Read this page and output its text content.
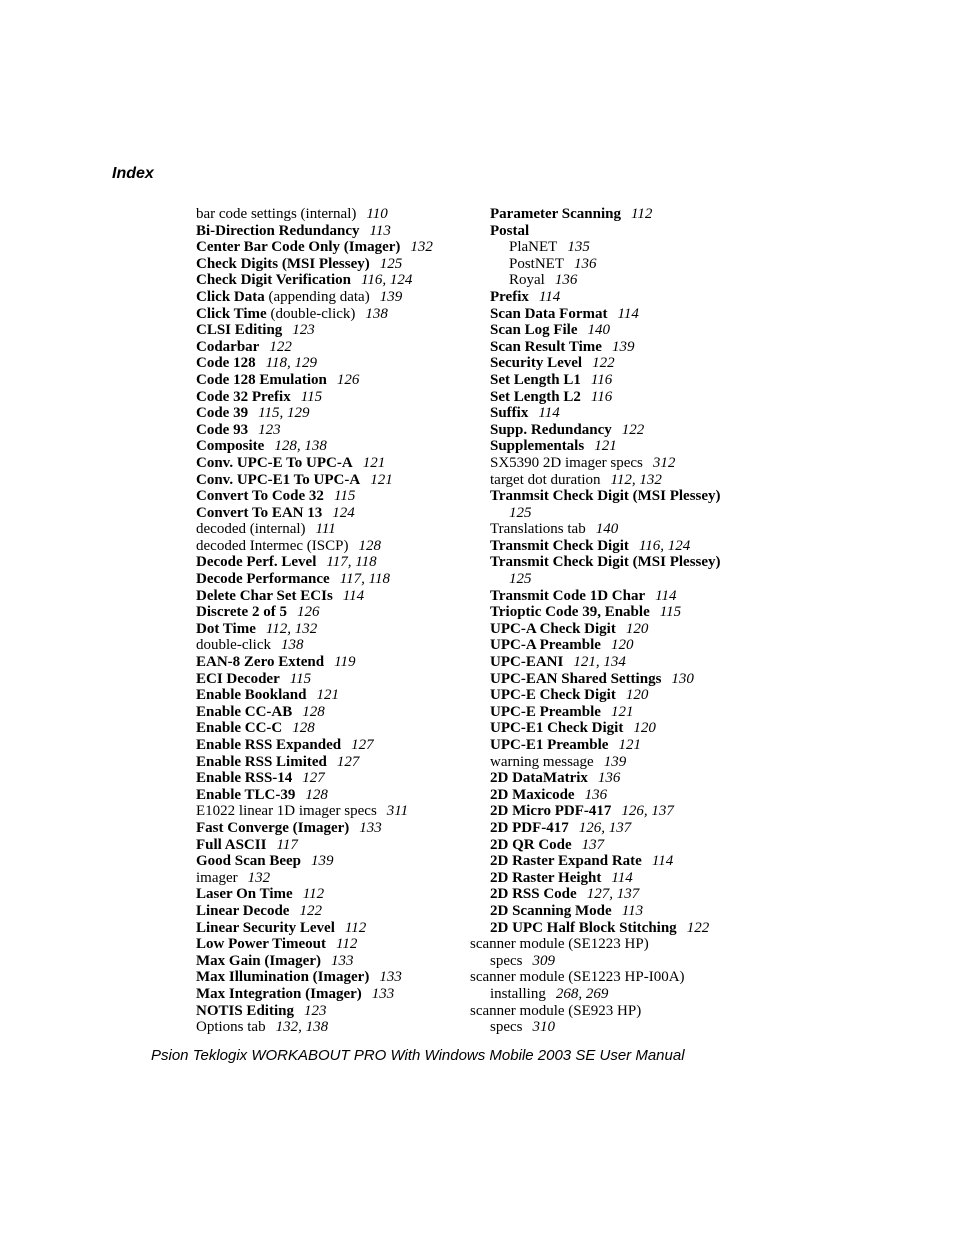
Index
bar code settings (internal) 110
Bi-Direction Redundancy 113
Center Bar Code Only (Imager) 132
Check Digits (MSI Plessey) 125
Check Digit Verification 116, 124
Click Data (appending data) 139
Click Time (double-click) 138
CLSI Editing 123
Codarbar 122
Code 128 118, 129
Code 128 Emulation 126
Code 32 Prefix 115
Code 39 115, 129
Code 93 123
Composite 128, 138
Conv. UPC-E To UPC-A 121
Conv. UPC-E1 To UPC-A 121
Convert To Code 32 115
Convert To EAN 13 124
decoded (internal) 111
decoded Intermec (ISCP) 128
Decode Perf. Level 117, 118
Decode Performance 117, 118
Delete Char Set ECIs 114
Discrete 2 of 5 126
Dot Time 112, 132
double-click 138
EAN-8 Zero Extend 119
ECI Decoder 115
Enable Bookland 121
Enable CC-AB 128
Enable CC-C 128
Enable RSS Expanded 127
Enable RSS Limited 127
Enable RSS-14 127
Enable TLC-39 128
E1022 linear 1D imager specs 311
Fast Converge (Imager) 133
Full ASCII 117
Good Scan Beep 139
imager 132
Laser On Time 112
Linear Decode 122
Linear Security Level 112
Low Power Timeout 112
Max Gain (Imager) 133
Max Illumination (Imager) 133
Max Integration (Imager) 133
NOTIS Editing 123
Options tab 132, 138
Parameter Scanning 112
Postal
PlaNET 135
PostNET 136
Royal 136
Prefix 114
Scan Data Format 114
Scan Log File 140
Scan Result Time 139
Security Level 122
Set Length L1 116
Set Length L2 116
Suffix 114
Supp. Redundancy 122
Supplementals 121
SX5390 2D imager specs 312
target dot duration 112, 132
Tranmsit Check Digit (MSI Plessey)
125
Translations tab 140
Transmit Check Digit 116, 124
Transmit Check Digit (MSI Plessey)
125
Transmit Code 1D Char 114
Trioptic Code 39, Enable 115
UPC-A Check Digit 120
UPC-A Preamble 120
UPC-EANI 121, 134
UPC-EAN Shared Settings 130
UPC-E Check Digit 120
UPC-E Preamble 121
UPC-E1 Check Digit 120
UPC-E1 Preamble 121
warning message 139
2D DataMatrix 136
2D Maxicode 136
2D Micro PDF-417 126, 137
2D PDF-417 126, 137
2D QR Code 137
2D Raster Expand Rate 114
2D Raster Height 114
2D RSS Code 127, 137
2D Scanning Mode 113
2D UPC Half Block Stitching 122
scanner module (SE1223 HP)
specs 309
scanner module (SE1223 HP-I00A)
installing 268, 269
scanner module (SE923 HP)
specs 310
Psion Teklogix WORKABOUT PRO With Windows Mobile 2003 SE User Manual
